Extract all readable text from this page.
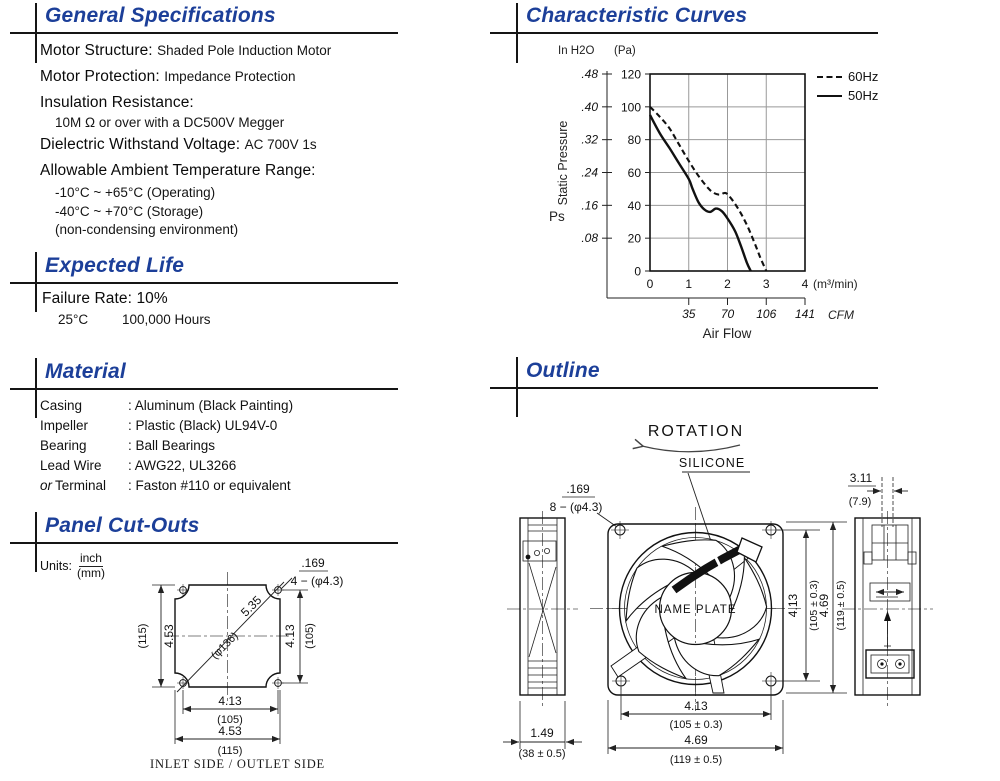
General Specifications	Characteristic Curves
Expected Life
Material
Panel Cut-Outs
Outline
Motor Structure: Shaded Pole Induction Motor
Motor Protection: Impedance Protection
Insulation Resistance:
10M Ω or over with a DC500V Megger
Dielectric Withstand Voltage: AC 700V 1s
Allowable Ambient Temperature Range:
-10°C ~ +65°C (Operating)
-40°C ~ +70°C (Storage)
(non-condensing environment)
Failure Rate: 10%
25°C	100,000 Hours
Casing	: Aluminum (Black Painting)
Impeller	: Plastic (Black) UL94V-0
Bearing	: Ball Bearings
Lead Wire : AWG22, UL3266
or Terminal : Faston #110 or equivalent
Units: $\frac{\text{inch}}{(mm)}$
5.35
(φ136)
(115) 4.53	4.13 (105)
4.13
(105)
4.53
(115)
.169
4 − (φ4.3)
INLET SIDE / OUTLET SIDE
In H2O (Pa)
Static Pressure
Ps
(m³/min)
CFM
Air Flow
60Hz
50Hz
120
100
80
60
40
20
0
.48
.40
.32
.24
.16
.08
0	1	2	3	4
35 70 106 141
ROTATION
SILICONE
.169
8 − (φ4.3)
1.49
(38 ± 0.5)
NAME PLATE	4.13 (105 ± 0.3)
4.69 (119 ± 0.5)
4.13
(105 ± 0.3)
4.69
(119 ± 0.5)
3.11
(7.9)
